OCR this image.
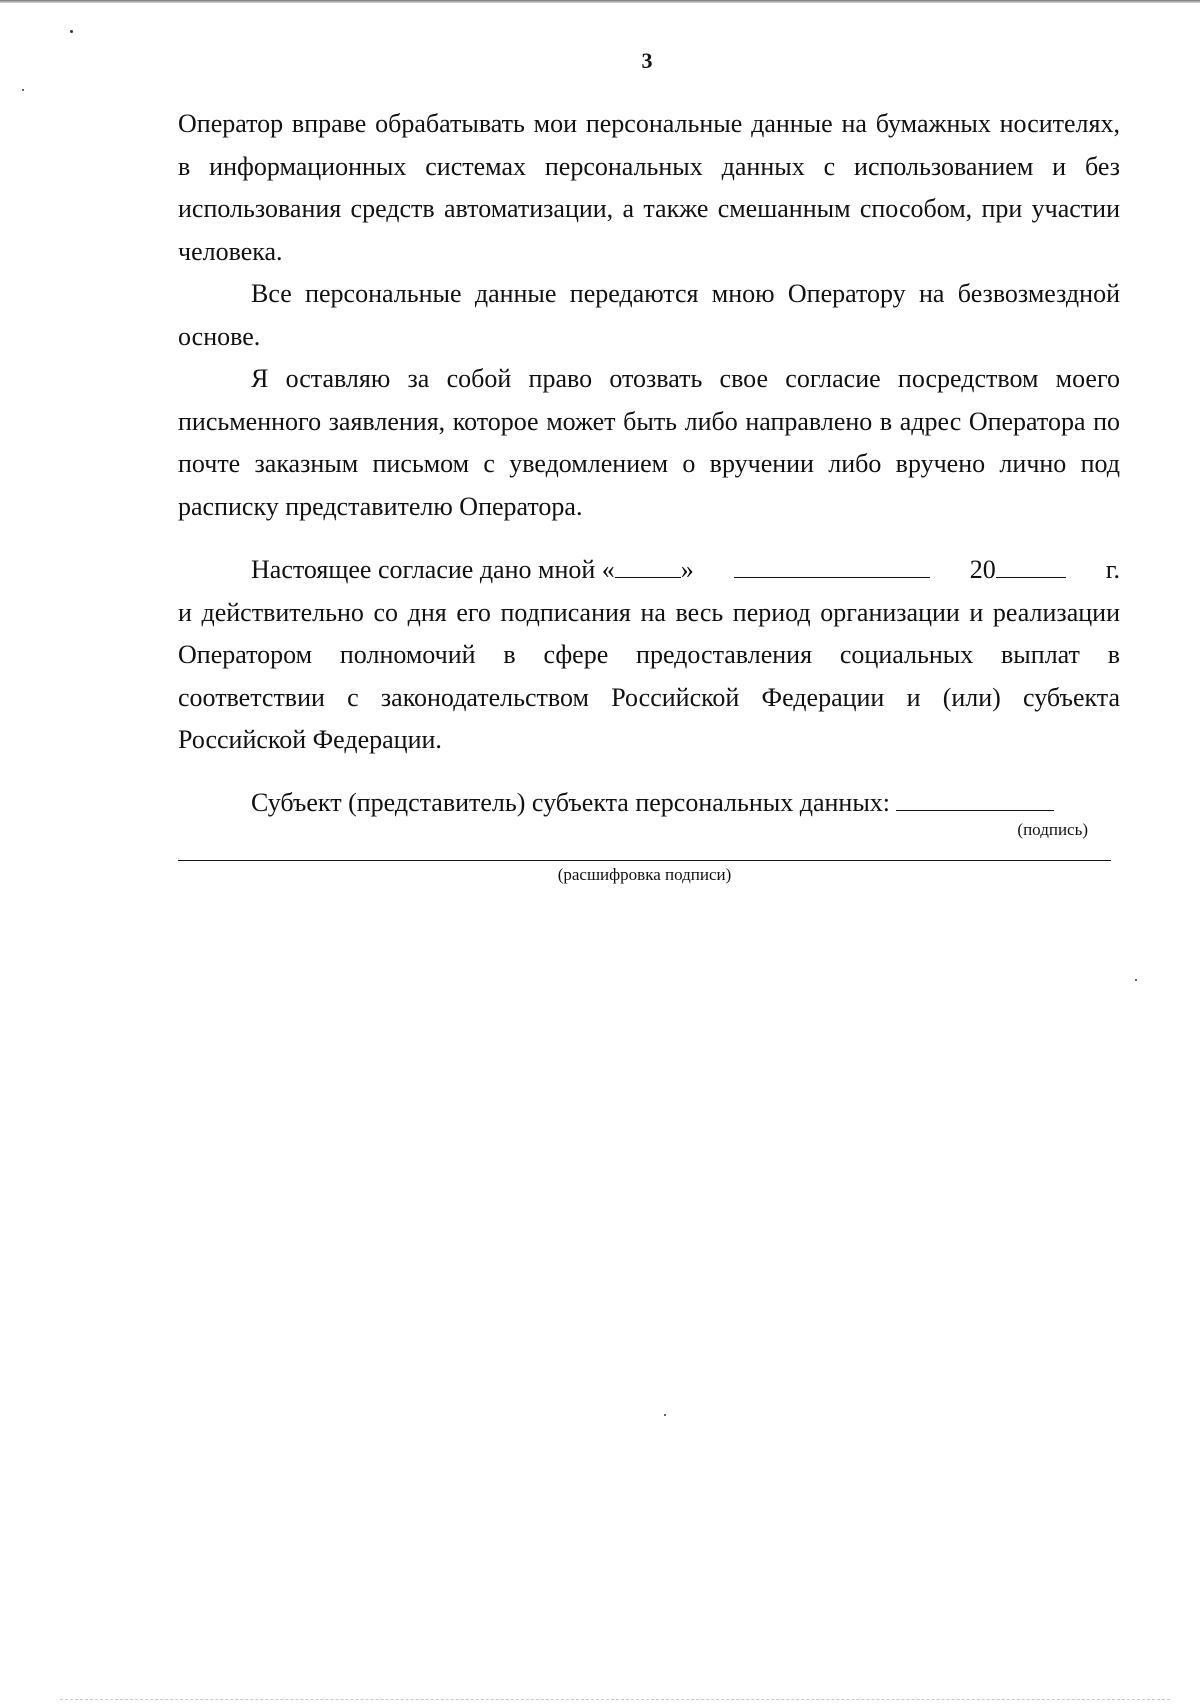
3

Оператор вправе обрабатывать мои персональные данные на бумажных носителях, в информационных системах персональных данных с использованием и без использования средств автоматизации, а также смешанным способом, при участии человека.

Все персональные данные передаются мною Оператору на безвозмездной основе.

Я оставляю за собой право отозвать свое согласие посредством моего письменного заявления, которое может быть либо направлено в адрес Оператора по почте заказным письмом с уведомлением о вручении либо вручено лично под расписку представителю Оператора.

Настоящее согласие дано мной «	»	20	г.

и действительно со дня его подписания на весь период организации и реализации Оператором полномочий в сфере предоставления социальных выплат в соответствии с законодательством Российской Федерации и (или) субъекта Российской Федерации.

Субъект (представитель) субъекта персональных данных:

(подпись)

(расшифровка подписи)
